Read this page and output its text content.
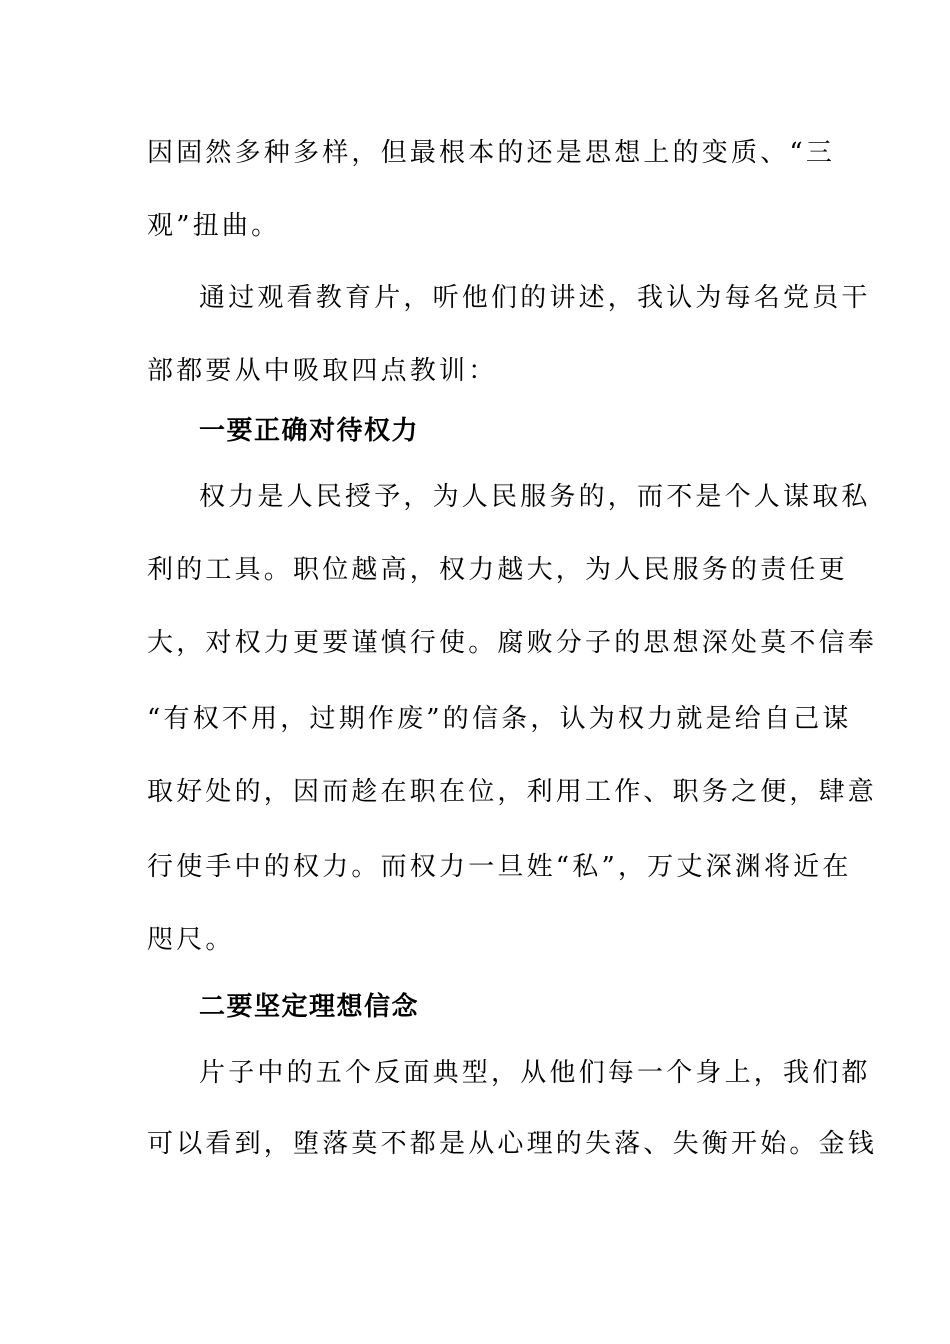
因固然多种多样，但最根本的还是思想上的变质、“三
观”扭曲。
通过观看教育片，听他们的讲述，我认为每名党员干
部都要从中吸取四点教训：
一要正确对待权力
权力是人民授予，为人民服务的，而不是个人谋取私
利的工具。职位越高，权力越大，为人民服务的责任更
大，对权力更要谨慎行使。腐败分子的思想深处莫不信奉
“有权不用，过期作废”的信条，认为权力就是给自己谋
取好处的，因而趁在职在位，利用工作、职务之便，肆意
行使手中的权力。而权力一旦姓“私”，万丈深渊将近在
咫尺。
二要坚定理想信念
片子中的五个反面典型，从他们每一个身上，我们都
可以看到，堕落莫不都是从心理的失落、失衡开始。金钱
